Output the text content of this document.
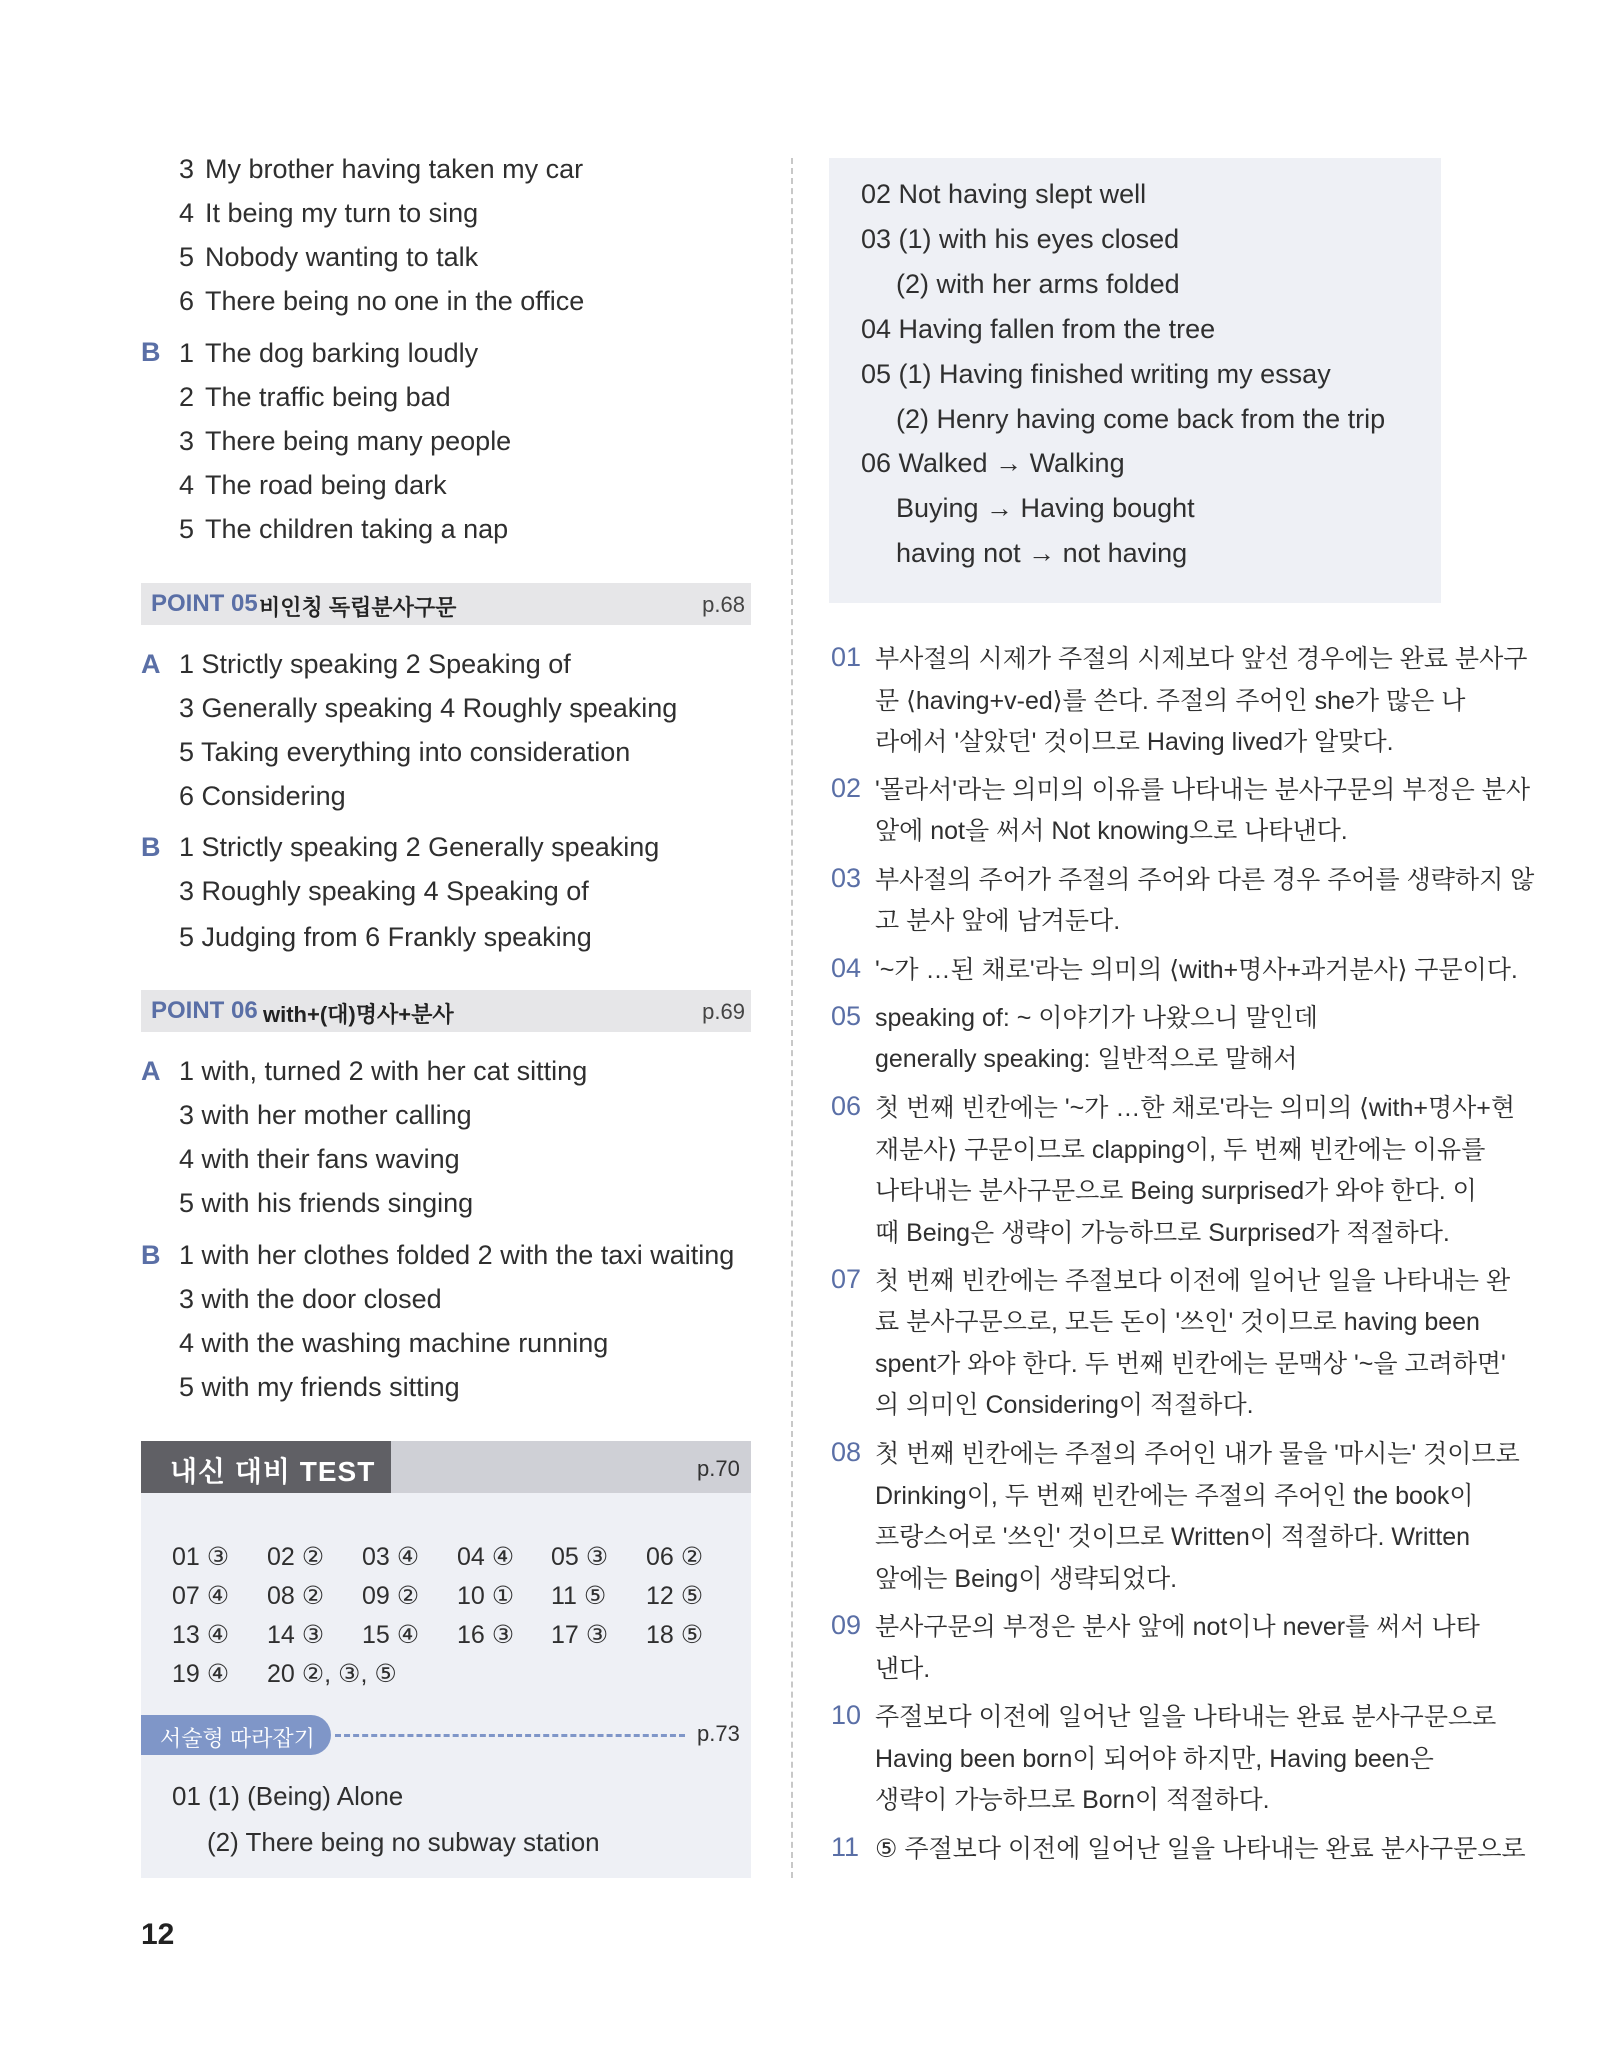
3 My brother having taken my car
4 It being my turn to sing
5 Nobody wanting to talk
6 There being no one in the office
B 1 The dog barking loudly
2 The traffic being bad
3 There being many people
4 The road being dark
5 The children taking a nap
POINT 05 비인칭 독립분사구문	p.68
A 1 Strictly speaking 2 Speaking of
3 Generally speaking 4 Roughly speaking
5 Taking everything into consideration
6 Considering
B 1 Strictly speaking 2 Generally speaking
3 Roughly speaking 4 Speaking of
5 Judging from 6 Frankly speaking
POINT 06 with+(대)명사+분사	p.69
A 1 with, turned 2 with her cat sitting
3 with her mother calling
4 with their fans waving
5 with his friends singing
B 1 with her clothes folded 2 with the taxi waiting
3 with the door closed
4 with the washing machine running
5 with my friends sitting
내신 대비 TEST	p.70
01 ③ 02 ② 03 ④ 04 ④ 05 ③ 06 ②
07 ④ 08 ② 09 ② 10 ① 11 ⑤ 12 ⑤
13 ④ 14 ③ 15 ④ 16 ③ 17 ③ 18 ⑤
19 ④ 20 ②, ③, ⑤
서술형 따라잡기	p.73
01 (1) (Being) Alone
(2) There being no subway station
02 Not having slept well
03 (1) with his eyes closed
(2) with her arms folded
04 Having fallen from the tree
05 (1) Having finished writing my essay
(2) Henry having come back from the trip
06 Walked → Walking
Buying → Having bought
having not → not having
01 부사절의 시제가 주절의 시제보다 앞선 경우에는 완료 분사구
문 ⟨having+v-ed⟩를 쓴다. 주절의 주어인 she가 많은 나
라에서 '살았던' 것이므로 Having lived가 알맞다.
02 '몰라서'라는 의미의 이유를 나타내는 분사구문의 부정은 분사
앞에 not을 써서 Not knowing으로 나타낸다.
03 부사절의 주어가 주절의 주어와 다른 경우 주어를 생략하지 않
고 분사 앞에 남겨둔다.
04 '~가 …된 채로'라는 의미의 ⟨with+명사+과거분사⟩ 구문이다.
05 speaking of: ~ 이야기가 나왔으니 말인데
generally speaking: 일반적으로 말해서
06 첫 번째 빈칸에는 '~가 …한 채로'라는 의미의 ⟨with+명사+현
재분사⟩ 구문이므로 clapping이, 두 번째 빈칸에는 이유를
나타내는 분사구문으로 Being surprised가 와야 한다. 이
때 Being은 생략이 가능하므로 Surprised가 적절하다.
07 첫 번째 빈칸에는 주절보다 이전에 일어난 일을 나타내는 완
료 분사구문으로, 모든 돈이 '쓰인' 것이므로 having been
spent가 와야 한다. 두 번째 빈칸에는 문맥상 '~을 고려하면'
의 의미인 Considering이 적절하다.
08 첫 번째 빈칸에는 주절의 주어인 내가 물을 '마시는' 것이므로
Drinking이, 두 번째 빈칸에는 주절의 주어인 the book이
프랑스어로 '쓰인' 것이므로 Written이 적절하다. Written
앞에는 Being이 생략되었다.
09 분사구문의 부정은 분사 앞에 not이나 never를 써서 나타
낸다.
10 주절보다 이전에 일어난 일을 나타내는 완료 분사구문으로
Having been born이 되어야 하지만, Having been은
생략이 가능하므로 Born이 적절하다.
11 ⑤ 주절보다 이전에 일어난 일을 나타내는 완료 분사구문으로
12
